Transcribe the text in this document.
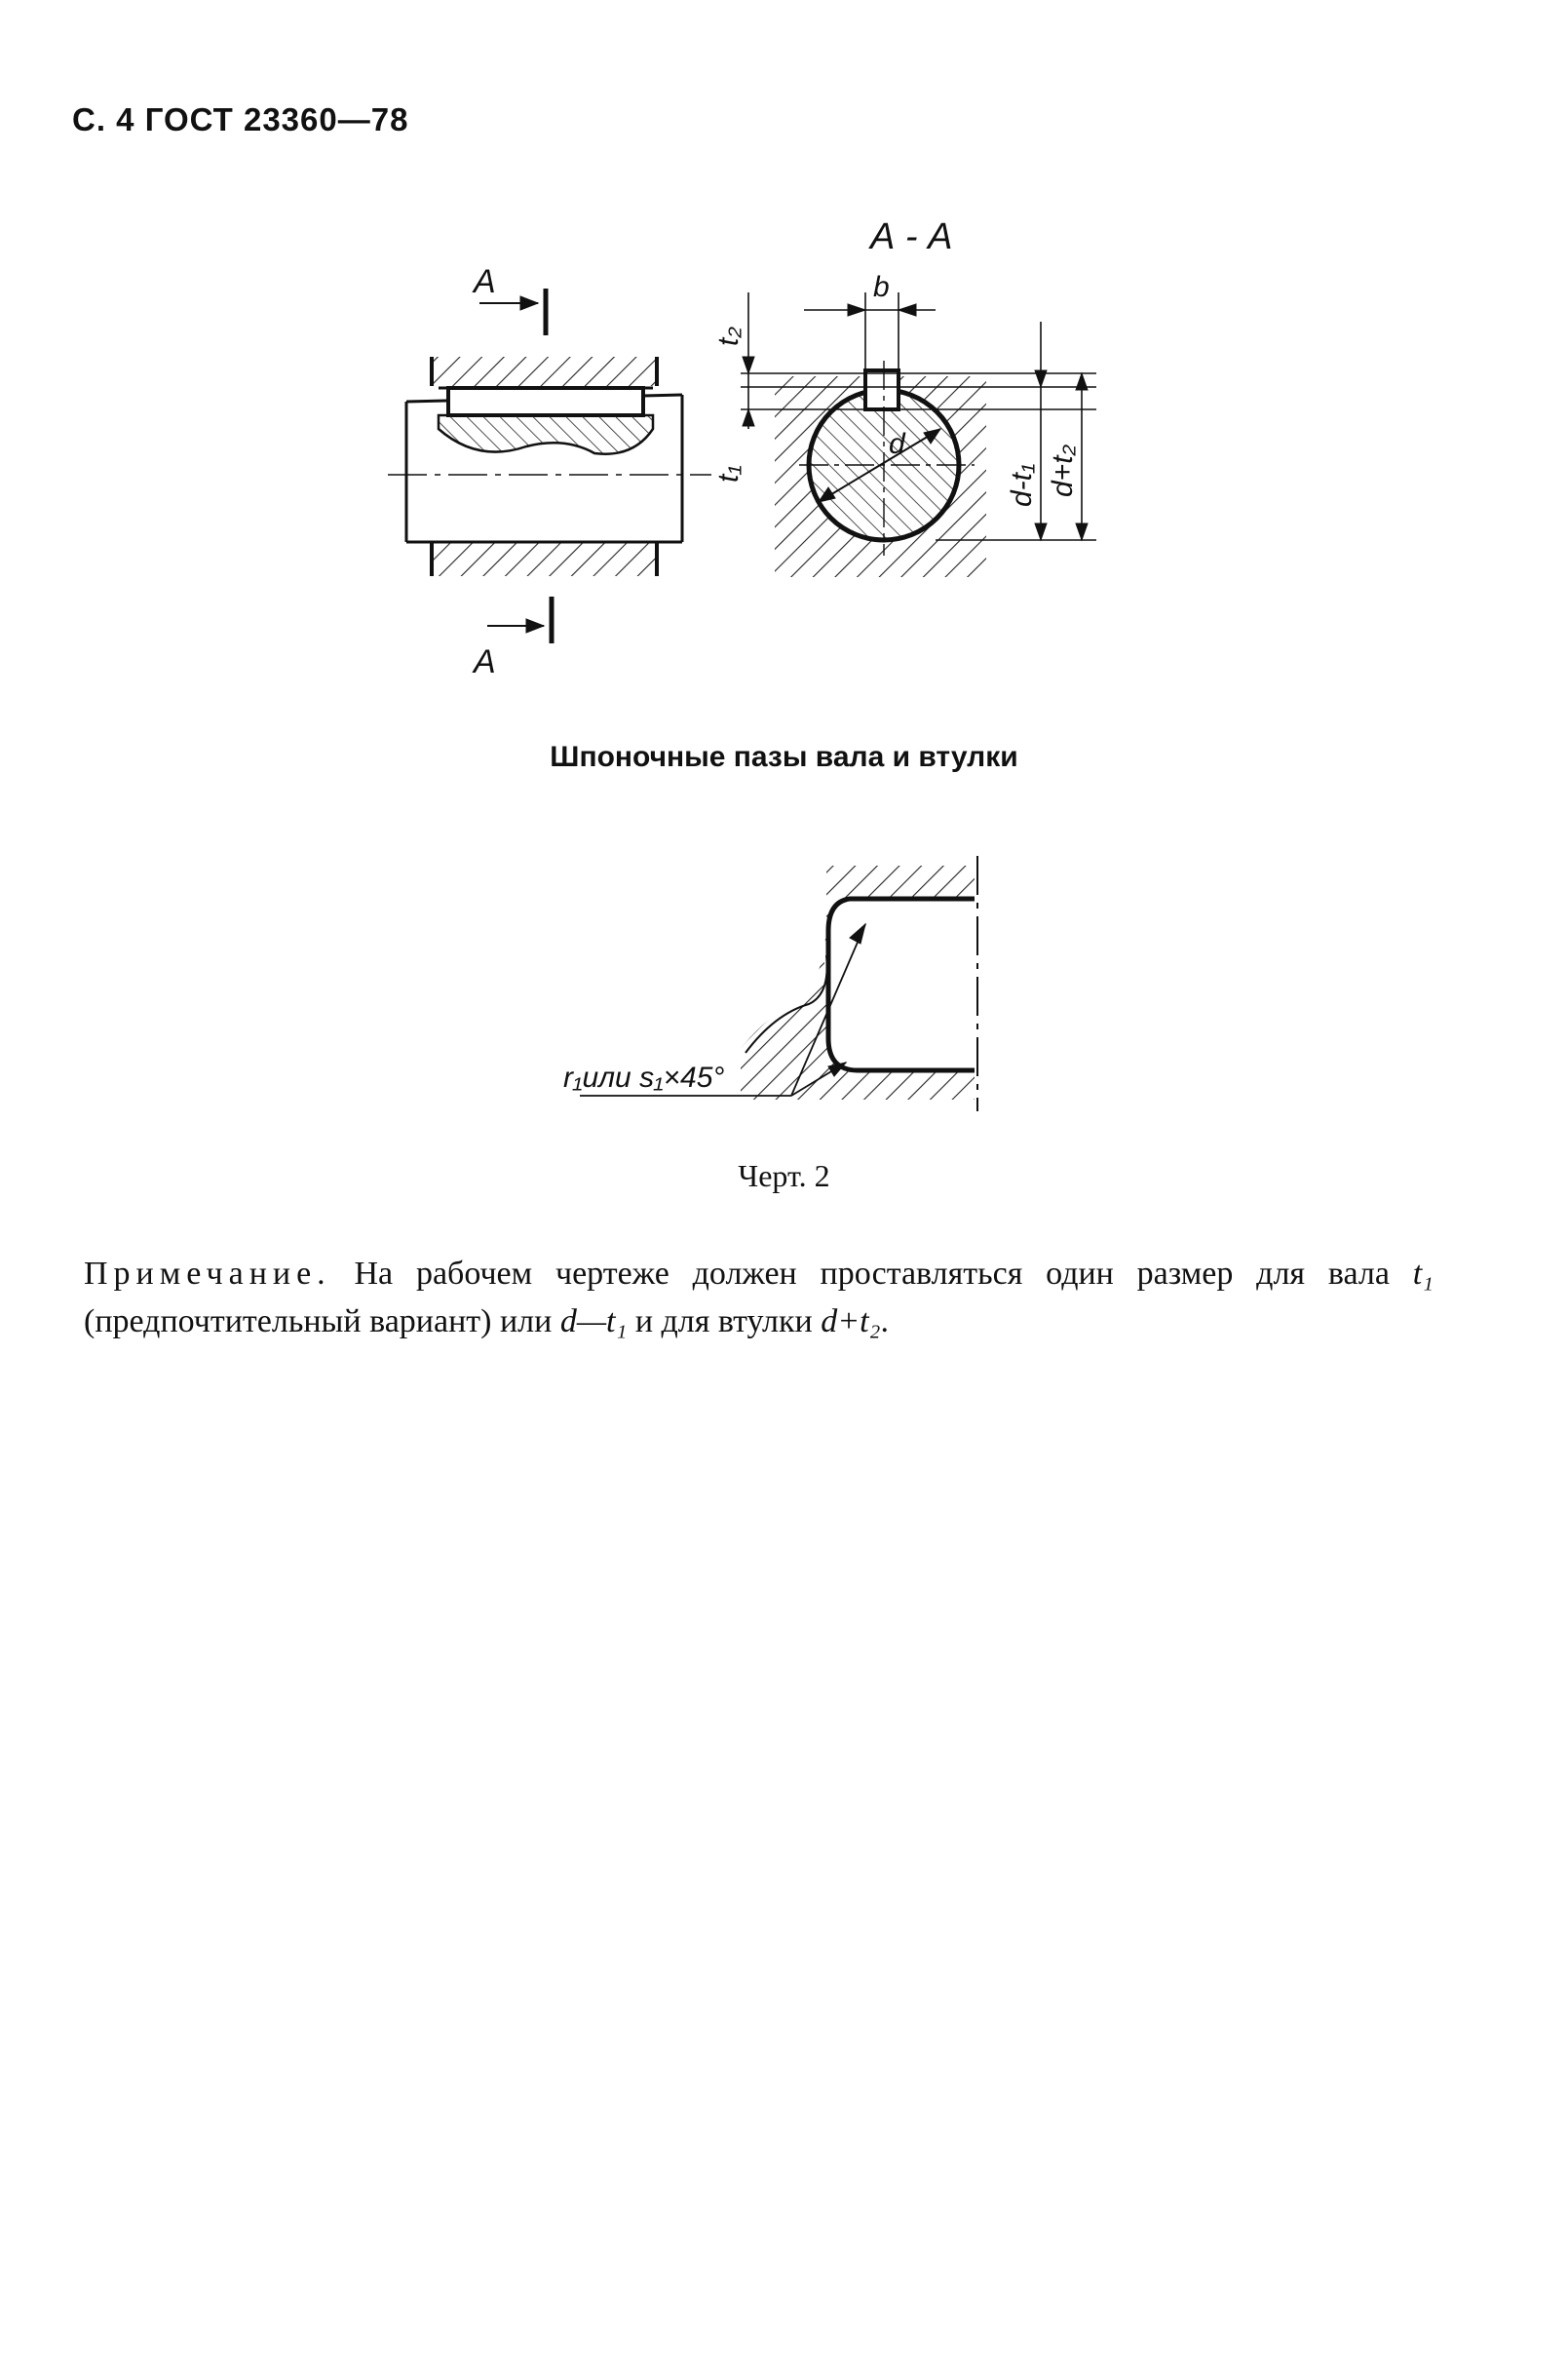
С. 4 ГОСТ 23360—78
А
А
А - А
b
t₂
t₁
d
d-t₁ d+t₂
r₁или s₁×45°
Шпоночные пазы вала и втулки
Черт. 2
Примечание. На рабочем чертеже должен проставляться один размер для вала t₁ (предпочтительный вариант) или d—t₁ и для втулки d+t₂.
